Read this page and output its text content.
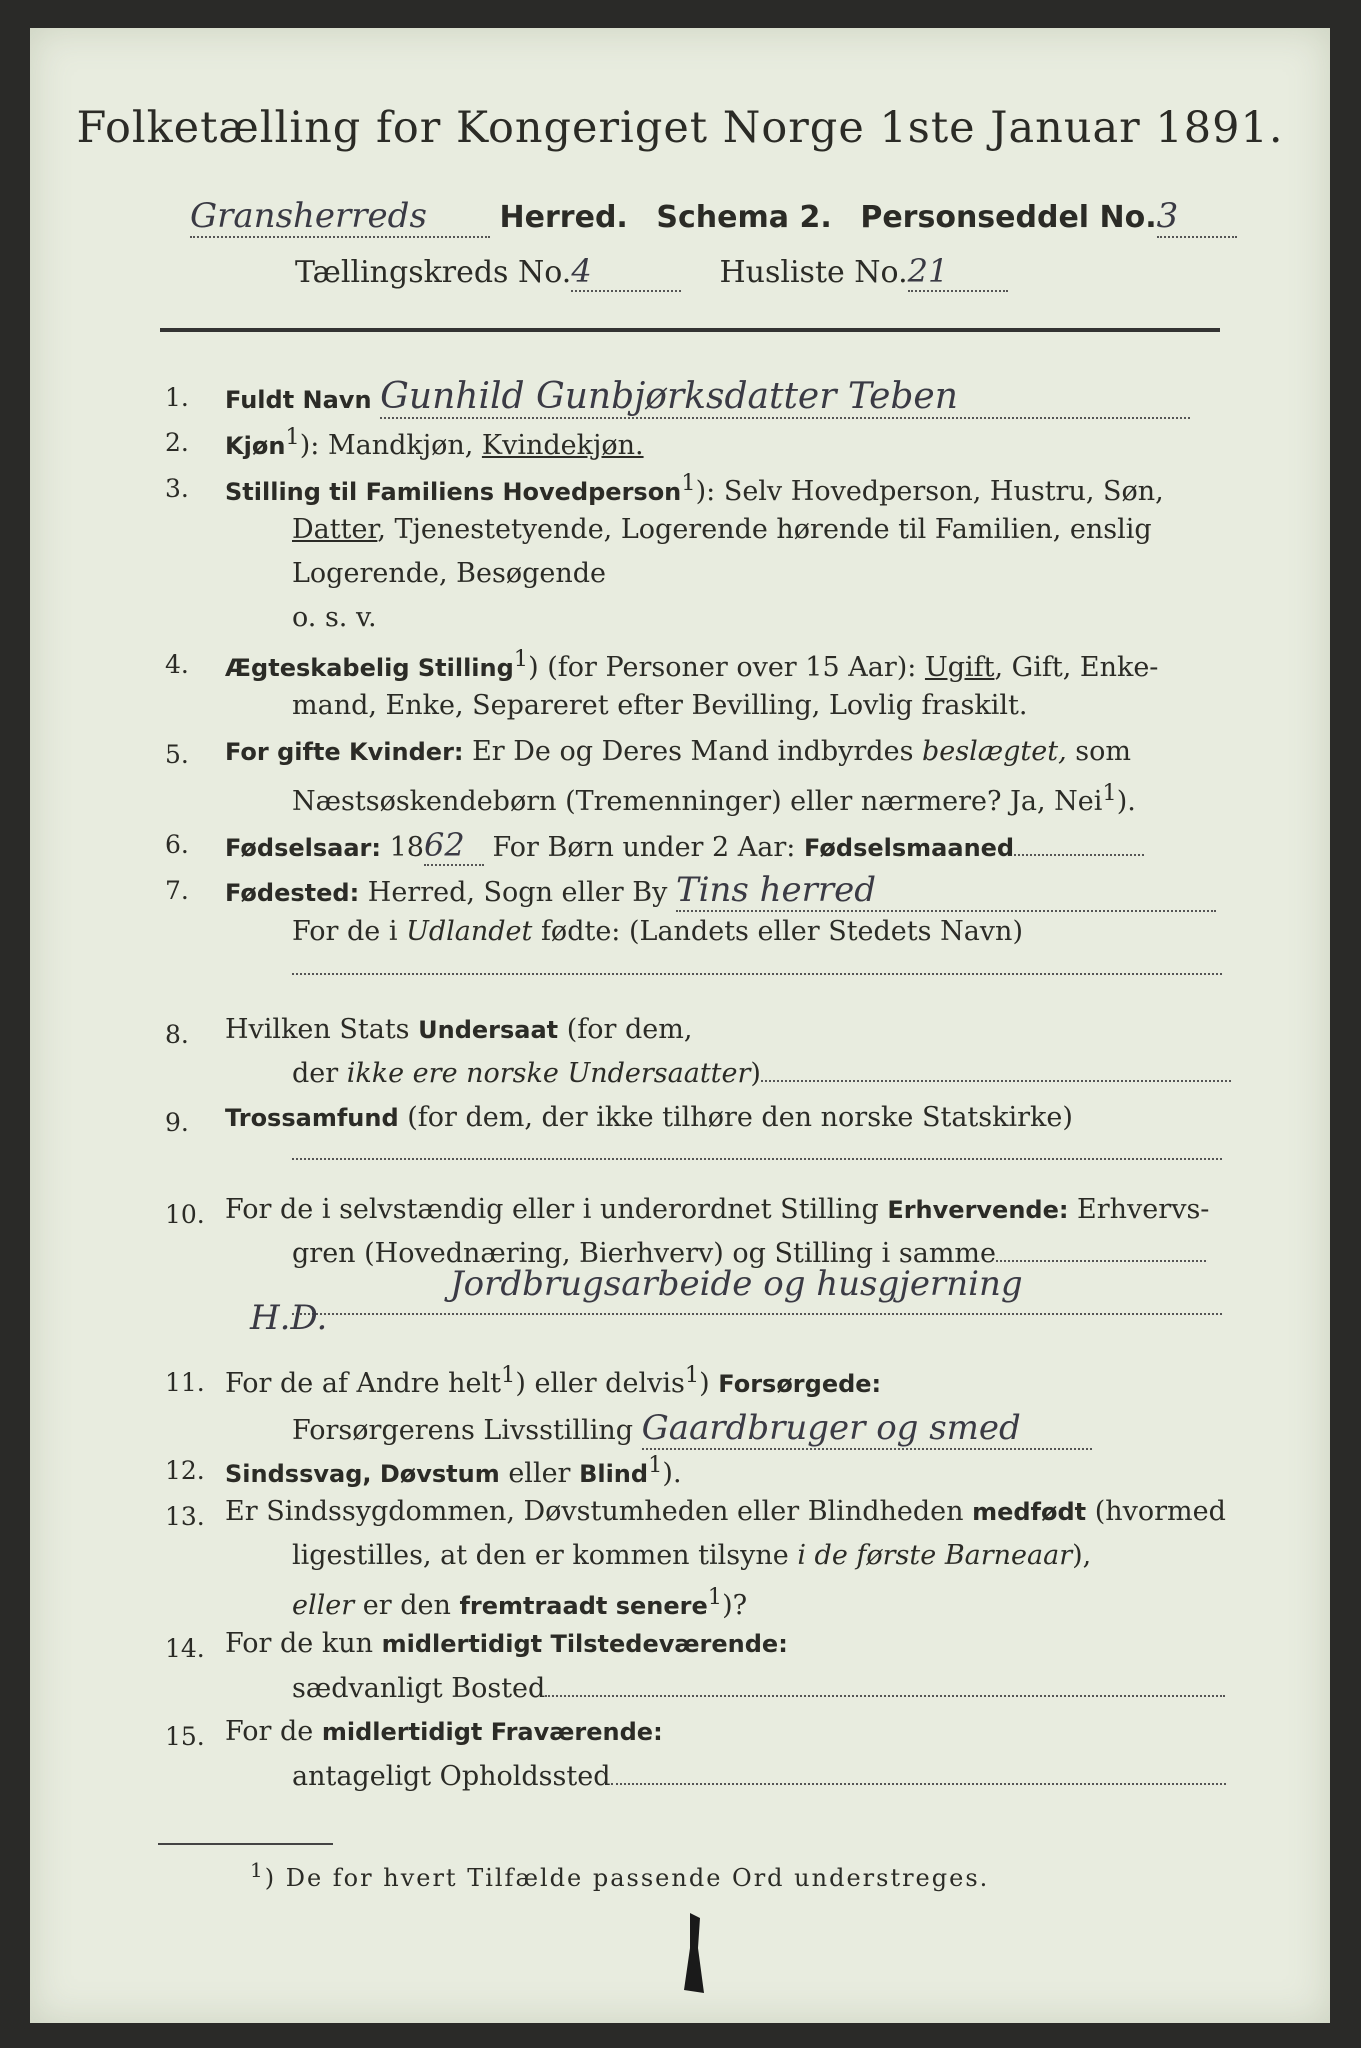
Folketælling for Kongeriget Norge 1ste Januar 1891.
Gransherreds Herred. Schema 2. Personseddel No.3
Tællingskreds No.4	Husliste No.21
1. Fuldt Navn Gunhild Gunbjørksdatter Teben
2. Kjøn$^1$): Mandkjøn, Kvindekjøn.
3. Stilling til Familiens Hovedperson$^1$): Selv Hovedperson, Hustru, Søn,
Datter, Tjenestetyende, Logerende hørende til Familien, enslig
Logerende, Besøgende
o. s. v.
4. Ægteskabelig Stilling$^1$) (for Personer over 15 Aar): Ugift, Gift, Enke-
mand, Enke, Separeret efter Bevilling, Lovlig fraskilt.
5. For gifte Kvinder: Er De og Deres Mand indbyrdes beslægtet, som
Næstsøskendebørn (Tremenninger) eller nærmere? Ja, Nei$^1$).
6. Fødselsaar: 1862 For Børn under 2 Aar: Fødselsmaaned
7. Fødested: Herred, Sogn eller By Tins herred
For de i Udlandet fødte: (Landets eller Stedets Navn)
8. Hvilken Stats Undersaat (for dem,
der ikke ere norske Undersaatter)
9. Trossamfund (for dem, der ikke tilhøre den norske Statskirke)
10. For de i selvstændig eller i underordnet Stilling Erhvervende: Erhvervs-
gren (Hovednæring, Bierhverv) og Stilling i samme
Jordbrugsarbeide og husgjerning
H.D.
11. For de af Andre helt$^1$) eller delvis$^1$) Forsørgede:
Forsørgerens Livsstilling Gaardbruger og smed
12. Sindssvag, Døvstum eller Blind$^1$).
13. Er Sindssygdommen, Døvstumheden eller Blindheden medfødt (hvormed
ligestilles, at den er kommen tilsyne i de første Barneaar),
eller er den fremtraadt senere$^1$)?
14. For de kun midlertidigt Tilstedeværende:
sædvanligt Bosted
15. For de midlertidigt Fraværende:
antageligt Opholdssted
$^1$) De for hvert Tilfælde passende Ord understreges.
